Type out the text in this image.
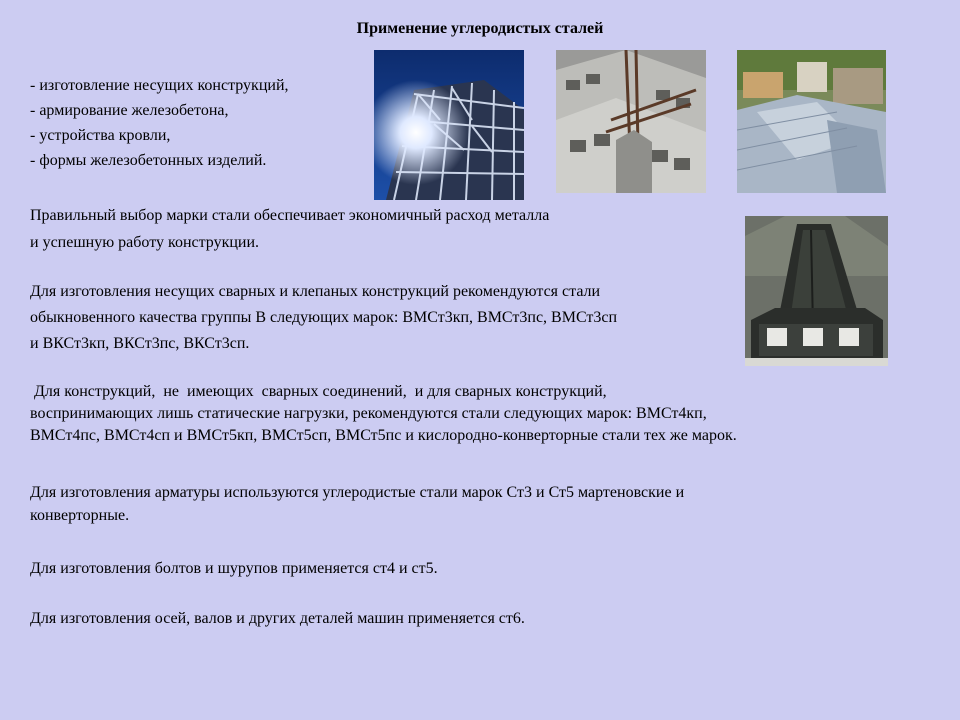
Применение углеродистых сталей
- изготовление несущих конструкций,
- армирование железобетона,
- устройства кровли,
- формы железобетонных изделий.
Правильный выбор марки стали обеспечивает экономичный расход металла
и успешную работу конструкции.
Для изготовления несущих сварных и клепаных конструкций рекомендуются стали
обыкновенного качества группы В следующих марок: ВМСт3кп, ВМСт3пс, ВМСт3сп
и ВКСт3кп, ВКСт3пс, ВКСт3сп.
Для конструкций,  не  имеющих  сварных соединений,  и для сварных конструкций,
воспринимающих лишь статические нагрузки, рекомендуются стали следующих марок: ВМСт4кп,
ВМСт4пс, ВМСт4сп и ВМСт5кп, ВМСт5сп, ВМСт5пс и кислородно-конверторные стали тех же марок.
Для изготовления арматуры используются углеродистые стали марок Ст3 и Ст5 мартеновские и
конверторные.
Для изготовления болтов и шурупов применяется ст4 и ст5.
Для изготовления осей, валов и других деталей машин применяется ст6.
